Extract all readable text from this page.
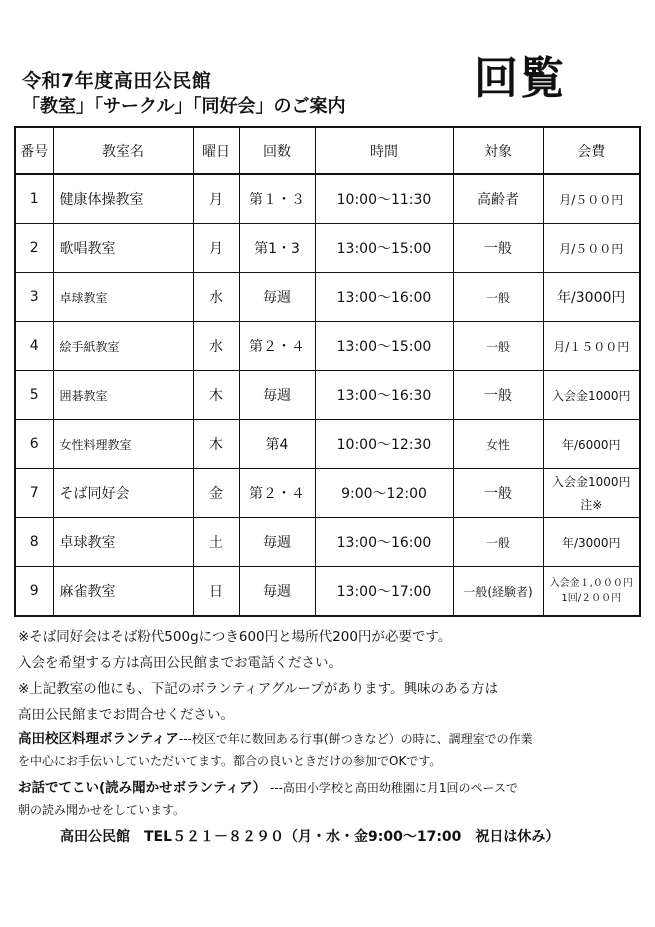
令和7年度高田公民館
「教室」「サークル」「同好会」のご案内
回覧
番号	教室名	曜日	回数	時間	対象	会費
1	健康体操教室	月	第１・３	10:00～11:30	高齢者	月/５００円
2	歌唱教室	月	第1・3	13:00～15:00	一般	月/５００円
3	卓球教室	水	毎週	13:00～16:00	一般	年/3000円
4	絵手紙教室	水	第２・４	13:00～15:00	一般	月/１５００円
5	囲碁教室	木	毎週	13:00～16:30	一般	入会金1000円
6	女性料理教室	木	第4	10:00～12:30	女性	年/6000円
7	そば同好会	金	第２・４	9:00～12:00	一般	入会金1000円
注※

8	卓球教室	土	毎週	13:00～16:00	一般	年/3000円
9	麻雀教室	日	毎週	13:00～17:00	一般(経験者)	入会金１,０００円
1回/２００円

※そば同好会はそば粉代500gにつき600円と場所代200円が必要です。

入会を希望する方は高田公民館までお電話ください。

※上記教室の他にも、下記のボランティアグループがあります。興味のある方は

高田公民館までお問合せください。

高田校区料理ボランティア---校区で年に数回ある行事(餅つきなど）の時に、調理室での作業

を中心にお手伝いしていただいてます。都合の良いときだけの参加でOKです。

お話でてこい(読み聞かせボランティア） ---高田小学校と高田幼稚園に月1回のペースで

朝の読み聞かせをしています。

高田公民館　TEL５２１－８２９０（月・水・金9:00～17:00　祝日は休み）
